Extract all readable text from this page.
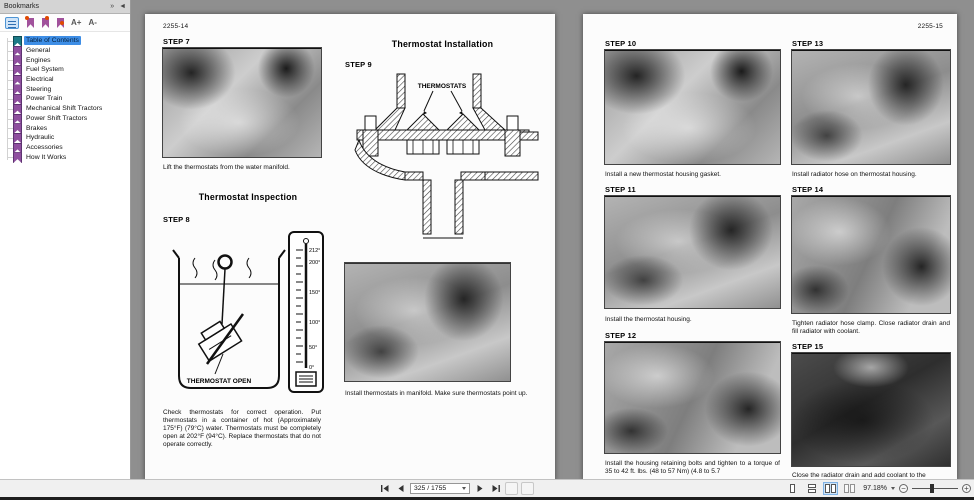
Bookmarks	» ◄
A+ A-
Table of Contents
General
Engines
Fuel System
Electrical
Steering
Power Train
Mechanical Shift Tractors
Power Shift Tractors
Brakes
Hydraulic
Accessories
How It Works
2255-14
STEP 7
Lift the thermostats from the water manifold.
Thermostat Inspection
STEP 8
THERMOSTAT OPEN
212°
200°
150°
100°
50°
0°
Check thermostats for correct operation. Put thermostats in a container of hot (Approximately 175°F) (79°C) water. Thermostats must be completely open at 202°F (94°C). Replace thermostats that do not operate correctly.
Thermostat Installation
STEP 9
THERMOSTATS
Install thermostats in manifold. Make sure thermostats point up.
2255-15
STEP 10
Install a new thermostat housing gasket.
STEP 11
Install the thermostat housing.
STEP 12
Install the housing retaining bolts and tighten to a torque of 35 to 42 ft. lbs. (48 to 57 Nm) (4.8 to 5.7
STEP 13
Install radiator hose on thermostat housing.
STEP 14
Tighten radiator hose clamp. Close radiator drain and fill radiator with coolant.
STEP 15
Close the radiator drain and add coolant to the
325 / 1755	97.18% −	+
